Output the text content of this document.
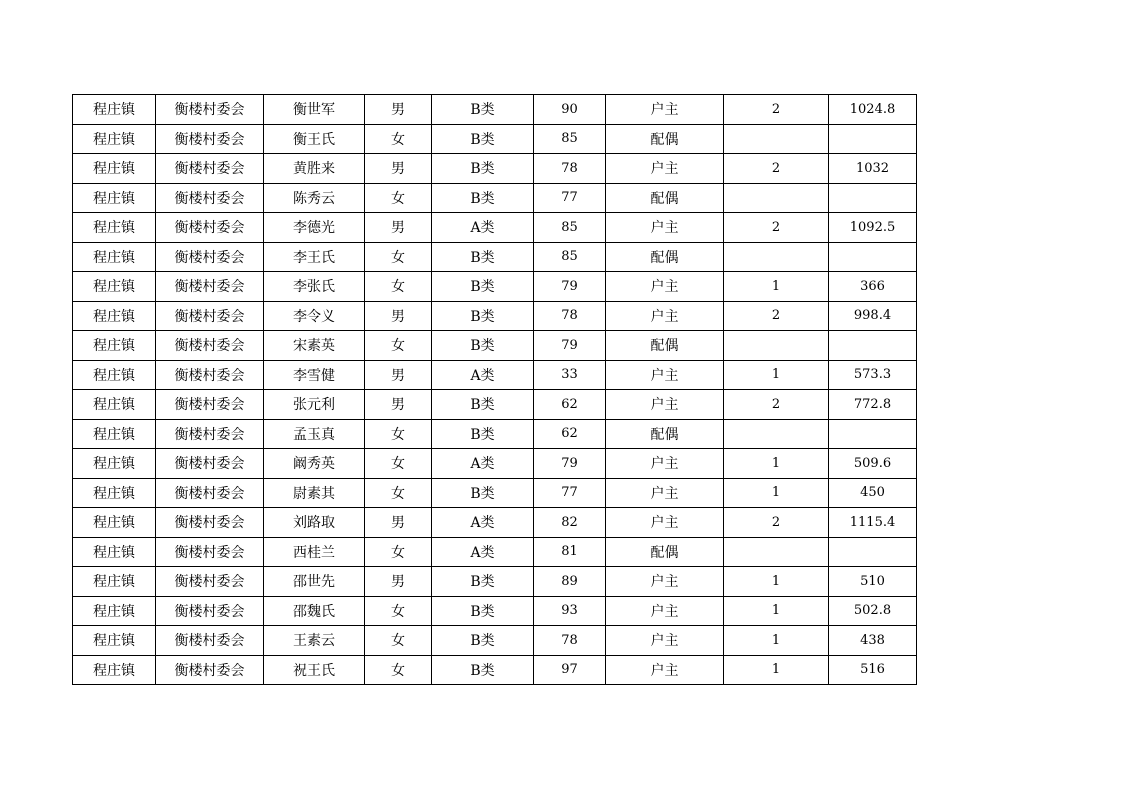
程庄镇	衡楼村委会	衡世军	男	B类	90	户主	2	1024.8
程庄镇	衡楼村委会	衡王氏	女	B类	85	配偶		
程庄镇	衡楼村委会	黄胜来	男	B类	78	户主	2	1032
程庄镇	衡楼村委会	陈秀云	女	B类	77	配偶		
程庄镇	衡楼村委会	李德光	男	A类	85	户主	2	1092.5
程庄镇	衡楼村委会	李王氏	女	B类	85	配偶		
程庄镇	衡楼村委会	李张氏	女	B类	79	户主	1	366
程庄镇	衡楼村委会	李令义	男	B类	78	户主	2	998.4
程庄镇	衡楼村委会	宋素英	女	B类	79	配偶		
程庄镇	衡楼村委会	李雪健	男	A类	33	户主	1	573.3
程庄镇	衡楼村委会	张元利	男	B类	62	户主	2	772.8
程庄镇	衡楼村委会	孟玉真	女	B类	62	配偶		
程庄镇	衡楼村委会	阚秀英	女	A类	79	户主	1	509.6
程庄镇	衡楼村委会	尉素其	女	B类	77	户主	1	450
程庄镇	衡楼村委会	刘路取	男	A类	82	户主	2	1115.4
程庄镇	衡楼村委会	西桂兰	女	A类	81	配偶		
程庄镇	衡楼村委会	邵世先	男	B类	89	户主	1	510
程庄镇	衡楼村委会	邵魏氏	女	B类	93	户主	1	502.8
程庄镇	衡楼村委会	王素云	女	B类	78	户主	1	438
程庄镇	衡楼村委会	祝王氏	女	B类	97	户主	1	516
